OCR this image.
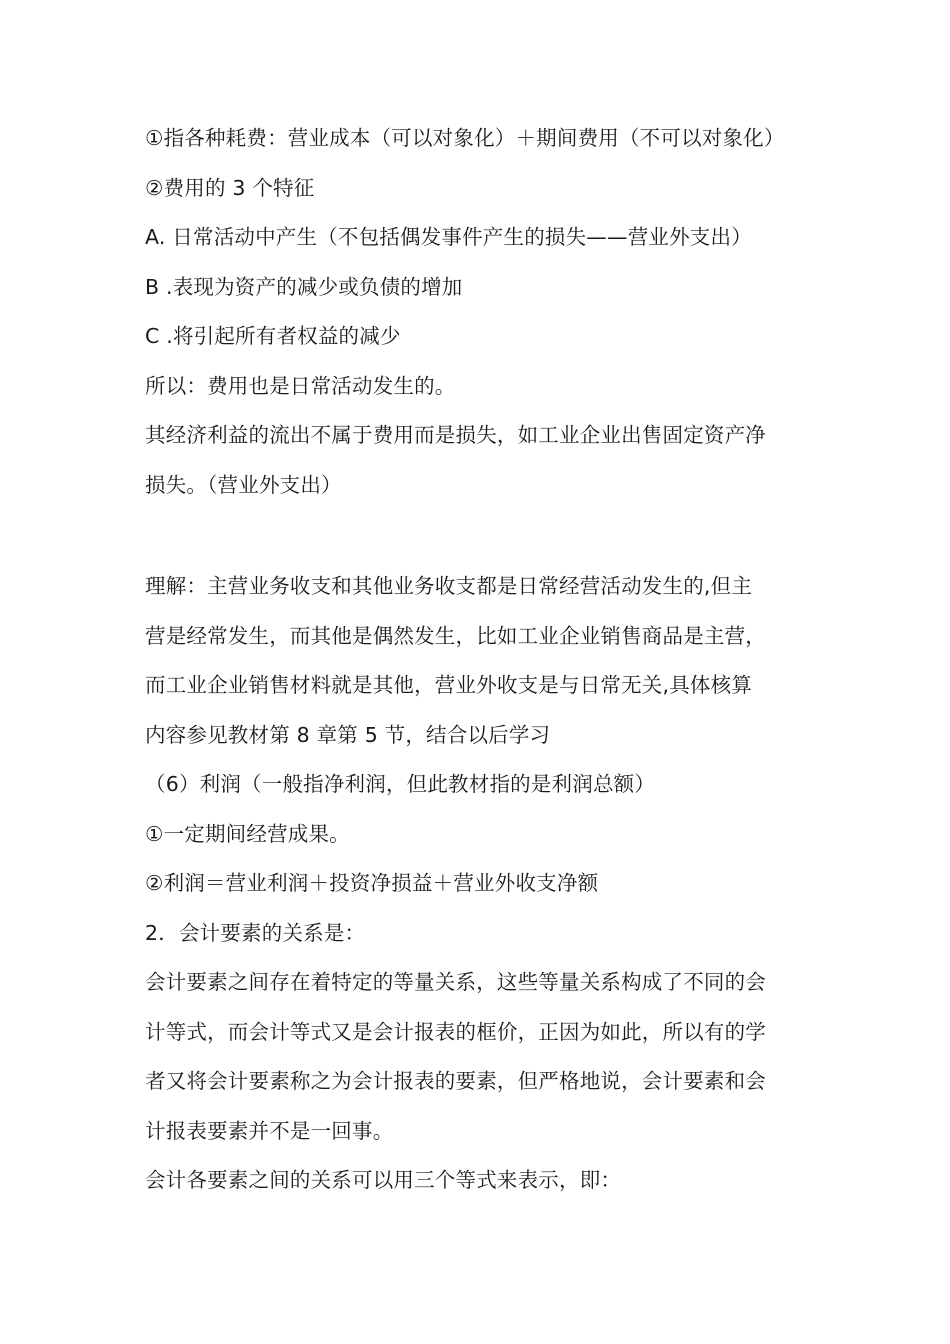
①指各种耗费：营业成本（可以对象化）＋期间费用（不可以对象化）
②费用的 3 个特征
A. 日常活动中产生（不包括偶发事件产生的损失——营业外支出）
B .表现为资产的减少或负债的增加
C .将引起所有者权益的减少
所以：费用也是日常活动发生的。
其经济利益的流出不属于费用而是损失，如工业企业出售固定资产净
损失。（营业外支出）
理解：主营业务收支和其他业务收支都是日常经营活动发生的,但主
营是经常发生，而其他是偶然发生，比如工业企业销售商品是主营，
而工业企业销售材料就是其他，营业外收支是与日常无关,具体核算
内容参见教材第 8 章第 5 节，结合以后学习
（6）利润（一般指净利润，但此教材指的是利润总额）
①一定期间经营成果。
②利润＝营业利润＋投资净损益＋营业外收支净额
2．会计要素的关系是：
会计要素之间存在着特定的等量关系，这些等量关系构成了不同的会
计等式，而会计等式又是会计报表的框价，正因为如此，所以有的学
者又将会计要素称之为会计报表的要素，但严格地说，会计要素和会
计报表要素并不是一回事。
会计各要素之间的关系可以用三个等式来表示，即：
